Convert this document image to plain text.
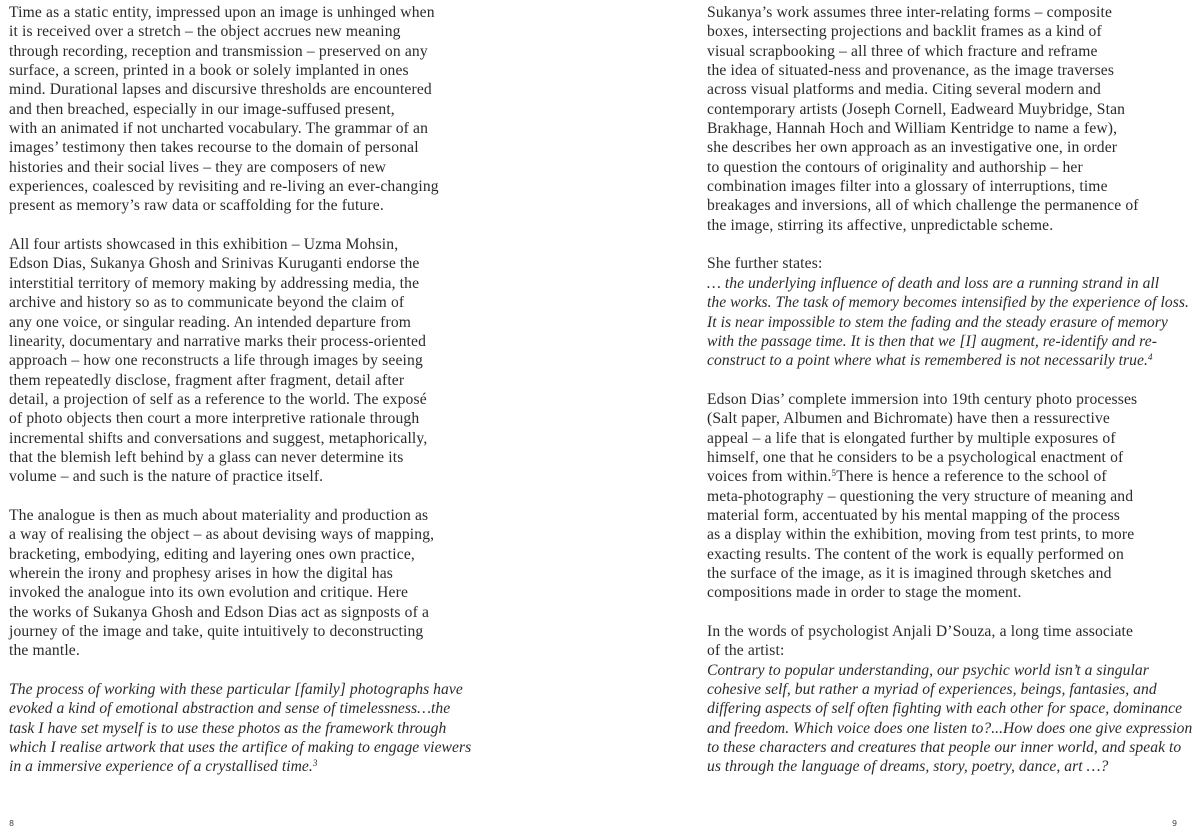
Time as a static entity, impressed upon an image is unhinged when
it is received over a stretch – the object accrues new meaning
through recording, reception and transmission – preserved on any
surface, a screen, printed in a book or solely implanted in ones
mind. Durational lapses and discursive thresholds are encountered
and then breached, especially in our image-suffused present,
with an animated if not uncharted vocabulary. The grammar of an
images’ testimony then takes recourse to the domain of personal
histories and their social lives – they are composers of new
experiences, coalesced by revisiting and re-living an ever-changing
present as memory’s raw data or scaffolding for the future.
All four artists showcased in this exhibition – Uzma Mohsin,
Edson Dias, Sukanya Ghosh and Srinivas Kuruganti endorse the
interstitial territory of memory making by addressing media, the
archive and history so as to communicate beyond the claim of
any one voice, or singular reading. An intended departure from
linearity, documentary and narrative marks their process-oriented
approach – how one reconstructs a life through images by seeing
them repeatedly disclose, fragment after fragment, detail after
detail, a projection of self as a reference to the world. The exposé
of photo objects then court a more interpretive rationale through
incremental shifts and conversations and suggest, metaphorically,
that the blemish left behind by a glass can never determine its
volume – and such is the nature of practice itself.
The analogue is then as much about materiality and production as
a way of realising the object – as about devising ways of mapping,
bracketing, embodying, editing and layering ones own practice,
wherein the irony and prophesy arises in how the digital has
invoked the analogue into its own evolution and critique. Here
the works of Sukanya Ghosh and Edson Dias act as signposts of a
journey of the image and take, quite intuitively to deconstructing
the mantle.
The process of working with these particular [family] photographs have
evoked a kind of emotional abstraction and sense of timelessness…the
task I have set myself is to use these photos as the framework through
which I realise artwork that uses the artifice of making to engage viewers
in a immersive experience of a crystallised time.$^3$
8
Sukanya’s work assumes three inter-relating forms – composite
boxes, intersecting projections and backlit frames as a kind of
visual scrapbooking – all three of which fracture and reframe
the idea of situated-ness and provenance, as the image traverses
across visual platforms and media. Citing several modern and
contemporary artists (Joseph Cornell, Eadweard Muybridge, Stan
Brakhage, Hannah Hoch and William Kentridge to name a few),
she describes her own approach as an investigative one, in order
to question the contours of originality and authorship – her
combination images filter into a glossary of interruptions, time
breakages and inversions, all of which challenge the permanence of
the image, stirring its affective, unpredictable scheme.
She further states:
… the underlying influence of death and loss are a running strand in all
the works. The task of memory becomes intensified by the experience of loss.
It is near impossible to stem the fading and the steady erasure of memory
with the passage time. It is then that we [I] augment, re-identify and re-
construct to a point where what is remembered is not necessarily true.$^4$
Edson Dias’ complete immersion into 19th century photo processes
(Salt paper, Albumen and Bichromate) have then a ressurective
appeal – a life that is elongated further by multiple exposures of
himself, one that he considers to be a psychological enactment of
voices from within.$^5$There is hence a reference to the school of
meta-photography – questioning the very structure of meaning and
material form, accentuated by his mental mapping of the process
as a display within the exhibition, moving from test prints, to more
exacting results. The content of the work is equally performed on
the surface of the image, as it is imagined through sketches and
compositions made in order to stage the moment.
In the words of psychologist Anjali D’Souza, a long time associate
of the artist:
Contrary to popular understanding, our psychic world isn’t a singular
cohesive self, but rather a myriad of experiences, beings, fantasies, and
differing aspects of self often fighting with each other for space, dominance
and freedom. Which voice does one listen to?...How does one give expression
to these characters and creatures that people our inner world, and speak to
us through the language of dreams, story, poetry, dance, art …?
9
